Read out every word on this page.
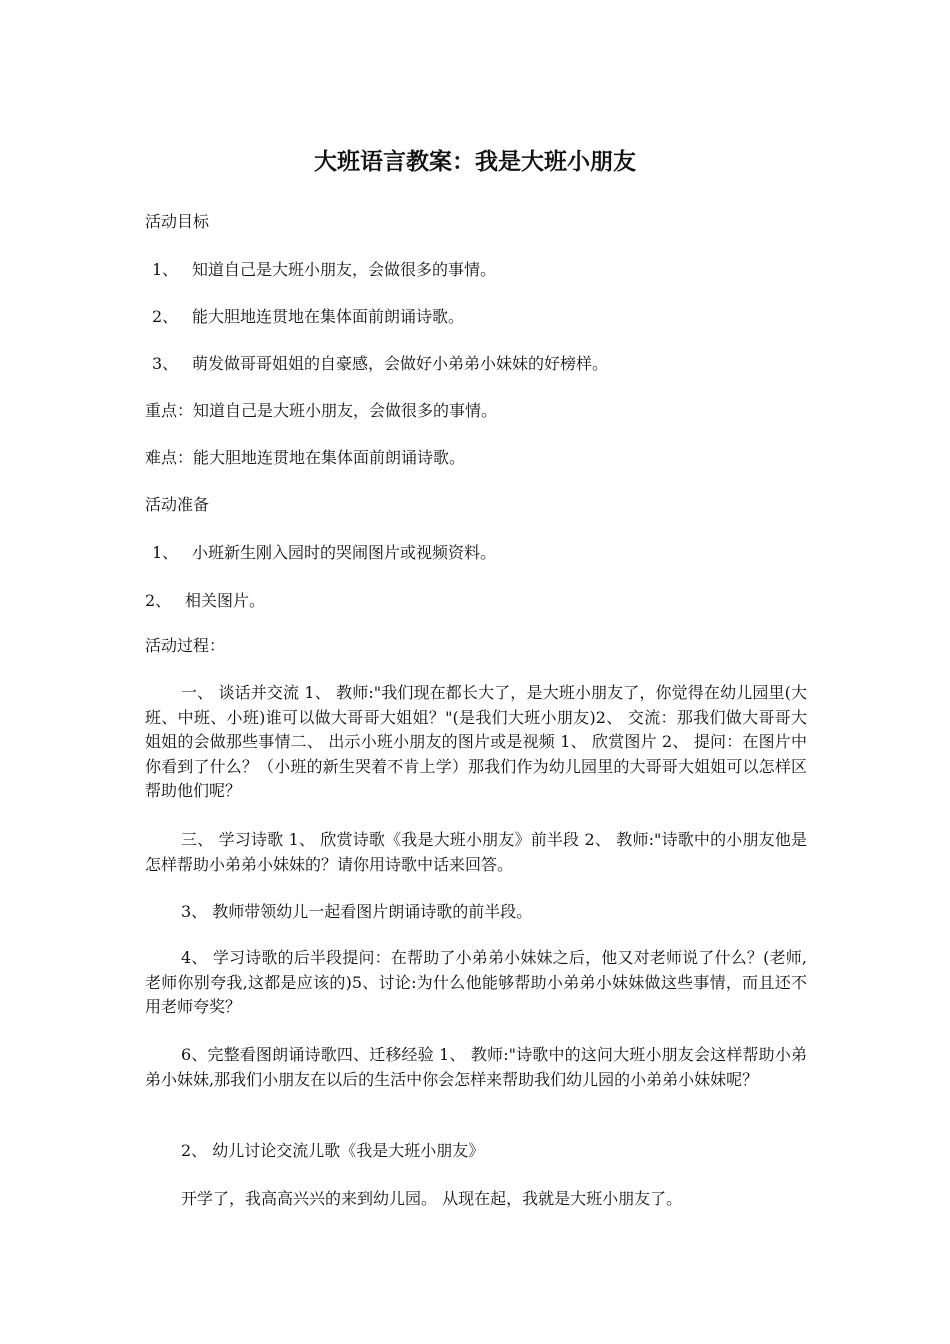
大班语言教案：我是大班小朋友
活动目标
1、 知道自己是大班小朋友，会做很多的事情。
2、 能大胆地连贯地在集体面前朗诵诗歌。
3、 萌发做哥哥姐姐的自豪感，会做好小弟弟小妹妹的好榜样。
重点：知道自己是大班小朋友，会做很多的事情。
难点：能大胆地连贯地在集体面前朗诵诗歌。
活动准备
1、 小班新生刚入园时的哭闹图片或视频资料。
2、 相关图片。
活动过程：
一、 谈话并交流 1、 教师:"我们现在都长大了，是大班小朋友了，你觉得在幼儿园里(大班、中班、小班)谁可以做大哥哥大姐姐？"(是我们大班小朋友)2、 交流：那我们做大哥哥大姐姐的会做那些事情二、 出示小班小朋友的图片或是视频 1、 欣赏图片 2、 提问：在图片中你看到了什么？（小班的新生哭着不肯上学）那我们作为幼儿园里的大哥哥大姐姐可以怎样区帮助他们呢？
三、 学习诗歌 1、 欣赏诗歌《我是大班小朋友》前半段 2、 教师:"诗歌中的小朋友他是怎样帮助小弟弟小妹妹的？请你用诗歌中话来回答。
3、 教师带领幼儿一起看图片朗诵诗歌的前半段。
4、 学习诗歌的后半段提问：在帮助了小弟弟小妹妹之后，他又对老师说了什么？(老师,老师你别夸我,这都是应该的)5、讨论:为什么他能够帮助小弟弟小妹妹做这些事情，而且还不用老师夸奖？
6、完整看图朗诵诗歌四、迁移经验 1、 教师:"诗歌中的这问大班小朋友会这样帮助小弟弟小妹妹,那我们小朋友在以后的生活中你会怎样来帮助我们幼儿园的小弟弟小妹妹呢？
2、 幼儿讨论交流儿歌《我是大班小朋友》
开学了，我高高兴兴的来到幼儿园。 从现在起，我就是大班小朋友了。
